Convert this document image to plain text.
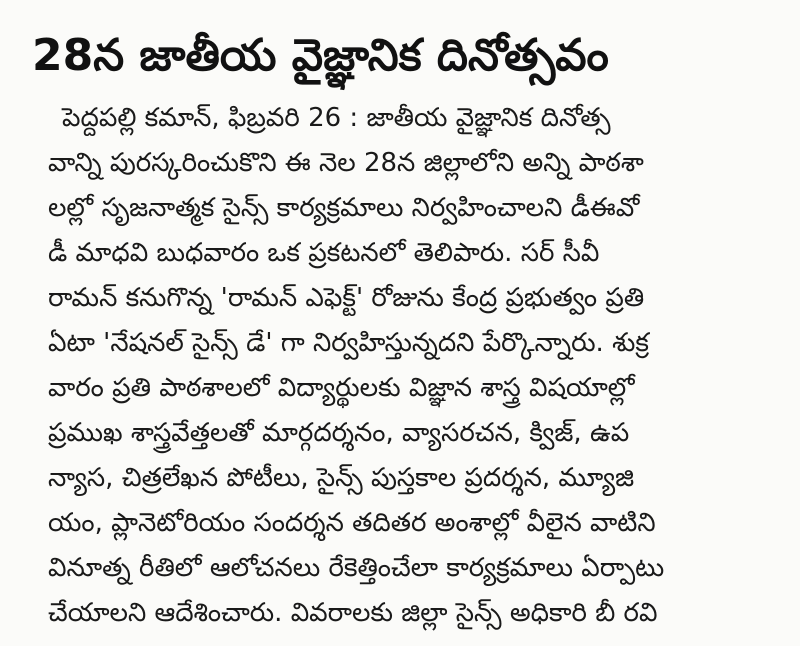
28న జాతీయ వైజ్ఞానిక దినోత్సవం
పెద్దపల్లి కమాన్, ఫిబ్రవరి 26 : జాతీయ వైజ్ఞానిక దినోత్స
వాన్ని పురస్కరించుకొని ఈ నెల 28న జిల్లాలోని అన్ని పాఠశా
లల్లో సృజనాత్మక సైన్స్ కార్యక్రమాలు నిర్వహించాలని డీఈవో
డీ మాధవి బుధవారం ఒక ప్రకటనలో తెలిపారు. సర్ సీవీ
రామన్ కనుగొన్న 'రామన్ ఎఫెక్ట్' రోజును కేంద్ర ప్రభుత్వం ప్రతి
ఏటా 'నేషనల్ సైన్స్ డే' గా నిర్వహిస్తున్నదని పేర్కొన్నారు. శుక్ర
వారం ప్రతి పాఠశాలలో విద్యార్థులకు విజ్ఞాన శాస్త్ర విషయాల్లో
ప్రముఖ శాస్త్రవేత్తలతో మార్గదర్శనం, వ్యాసరచన, క్విజ్, ఉప
న్యాస, చిత్రలేఖన పోటీలు, సైన్స్ పుస్తకాల ప్రదర్శన, మ్యూజి
యం, ప్లానెటోరియం సందర్శన తదితర అంశాల్లో వీలైన వాటిని
వినూత్న రీతిలో ఆలోచనలు రేకెత్తించేలా కార్యక్రమాలు ఏర్పాటు
చేయాలని ఆదేశించారు. వివరాలకు జిల్లా సైన్స్ అధికారి బీ రవి
